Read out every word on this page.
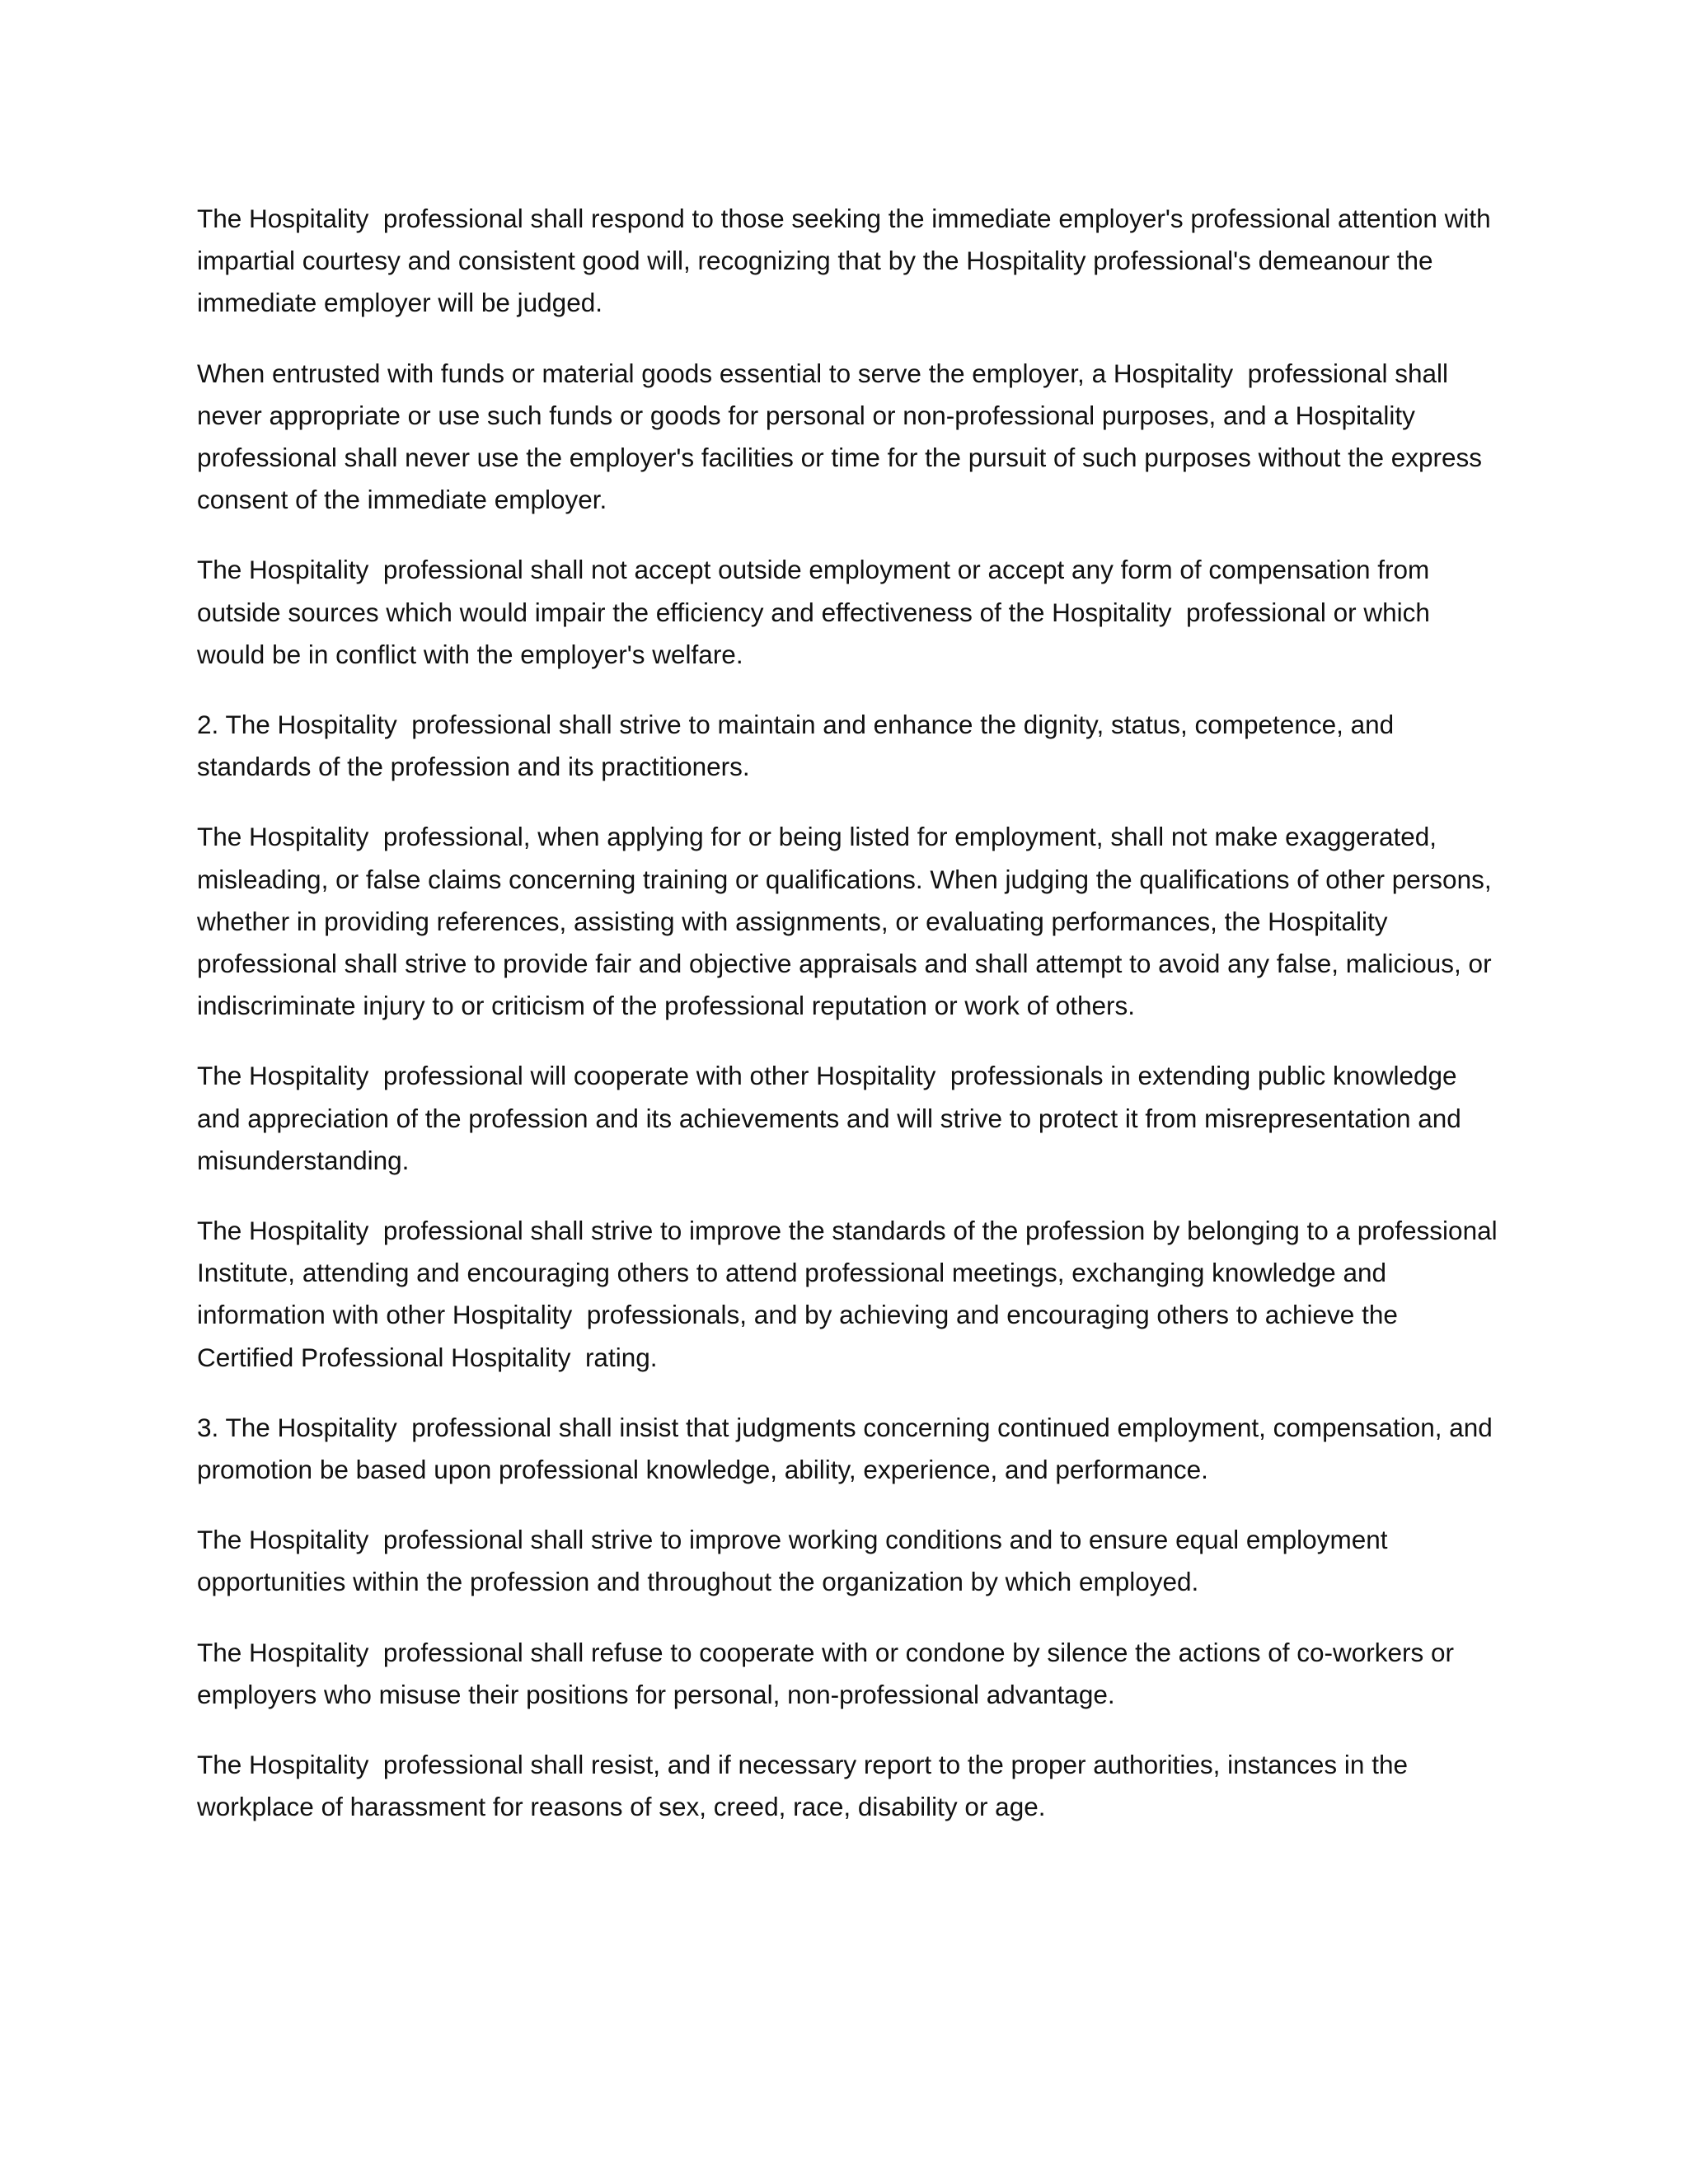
The Hospitality  professional shall respond to those seeking the immediate employer's professional attention with impartial courtesy and consistent good will, recognizing that by the Hospitality professional's demeanour the immediate employer will be judged.

When entrusted with funds or material goods essential to serve the employer, a Hospitality  professional shall never appropriate or use such funds or goods for personal or non-professional purposes, and a Hospitality  professional shall never use the employer's facilities or time for the pursuit of such purposes without the express consent of the immediate employer.

The Hospitality  professional shall not accept outside employment or accept any form of compensation from outside sources which would impair the efficiency and effectiveness of the Hospitality  professional or which would be in conflict with the employer's welfare.

2. The Hospitality  professional shall strive to maintain and enhance the dignity, status, competence, and standards of the profession and its practitioners.

The Hospitality  professional, when applying for or being listed for employment, shall not make exaggerated, misleading, or false claims concerning training or qualifications. When judging the qualifications of other persons, whether in providing references, assisting with assignments, or evaluating performances, the Hospitality  professional shall strive to provide fair and objective appraisals and shall attempt to avoid any false, malicious, or indiscriminate injury to or criticism of the professional reputation or work of others.

The Hospitality  professional will cooperate with other Hospitality  professionals in extending public knowledge and appreciation of the profession and its achievements and will strive to protect it from misrepresentation and misunderstanding.

The Hospitality  professional shall strive to improve the standards of the profession by belonging to a professional Institute, attending and encouraging others to attend professional meetings, exchanging knowledge and information with other Hospitality  professionals, and by achieving and encouraging others to achieve the Certified Professional Hospitality  rating.

3. The Hospitality  professional shall insist that judgments concerning continued employment, compensation, and promotion be based upon professional knowledge, ability, experience, and performance.

The Hospitality  professional shall strive to improve working conditions and to ensure equal employment opportunities within the profession and throughout the organization by which employed.

The Hospitality  professional shall refuse to cooperate with or condone by silence the actions of co-workers or employers who misuse their positions for personal, non-professional advantage.

The Hospitality  professional shall resist, and if necessary report to the proper authorities, instances in the workplace of harassment for reasons of sex, creed, race, disability or age.
